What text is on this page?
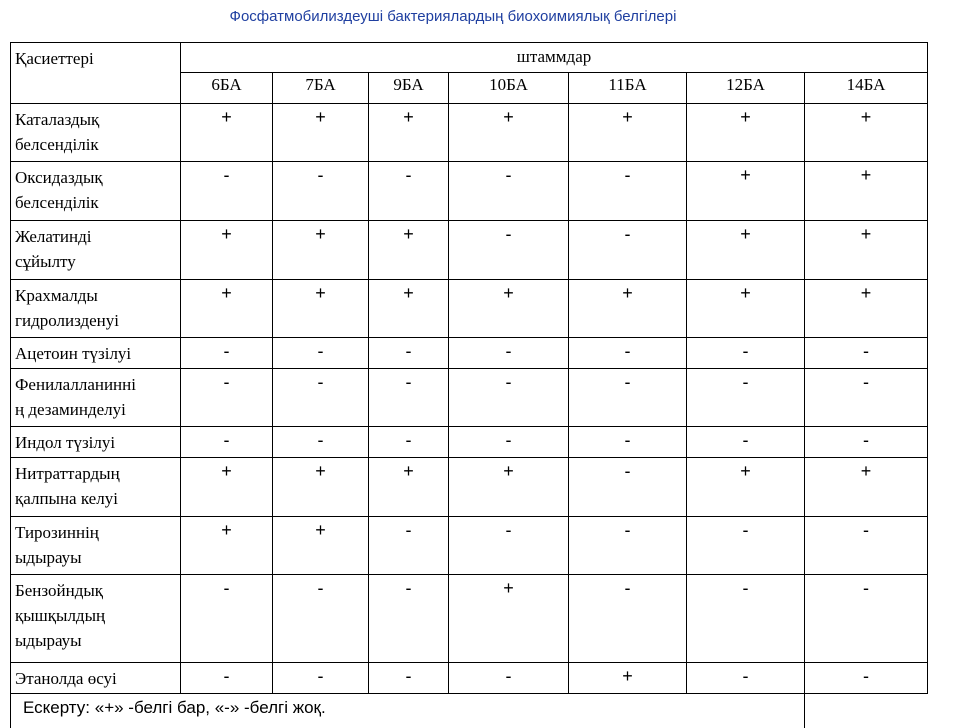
Фосфатмобилиздеуші бактериялардың биохоимиялық белгілері
Қасиеттері	штаммдар						
	6БА	7БА	9БА	10БА	11БА	12БА	14БА

Каталаздық
белсенділік	+	+	+	+	+	+	+

Оксидаздық
белсенділік	-	-	-	-	-	+	+

Желатинді
сұйылту	+	+	+	-	-	+	+

Крахмалды
гидролизденуі	+	+	+	+	+	+	+

Ацетоин түзілуі	-	-	-	-	-	-	-

Фенилалланинні
ң дезаминделуі	-	-	-	-	-	-	-

Индол түзілуі	-	-	-	-	-	-	-

Нитраттардың
қалпына келуі	+	+	+	+	-	+	+

Тирозиннің
ыдырауы	+	+	-	-	-	-	-

Бензойндық
қышқылдың
ыдырауы	-	-	-	+	-	-	-

Этанолда өсуі	-	-	-	-	+	-	-
Ескерту: «+» -белгі бар, «-» -белгі жоқ.							
